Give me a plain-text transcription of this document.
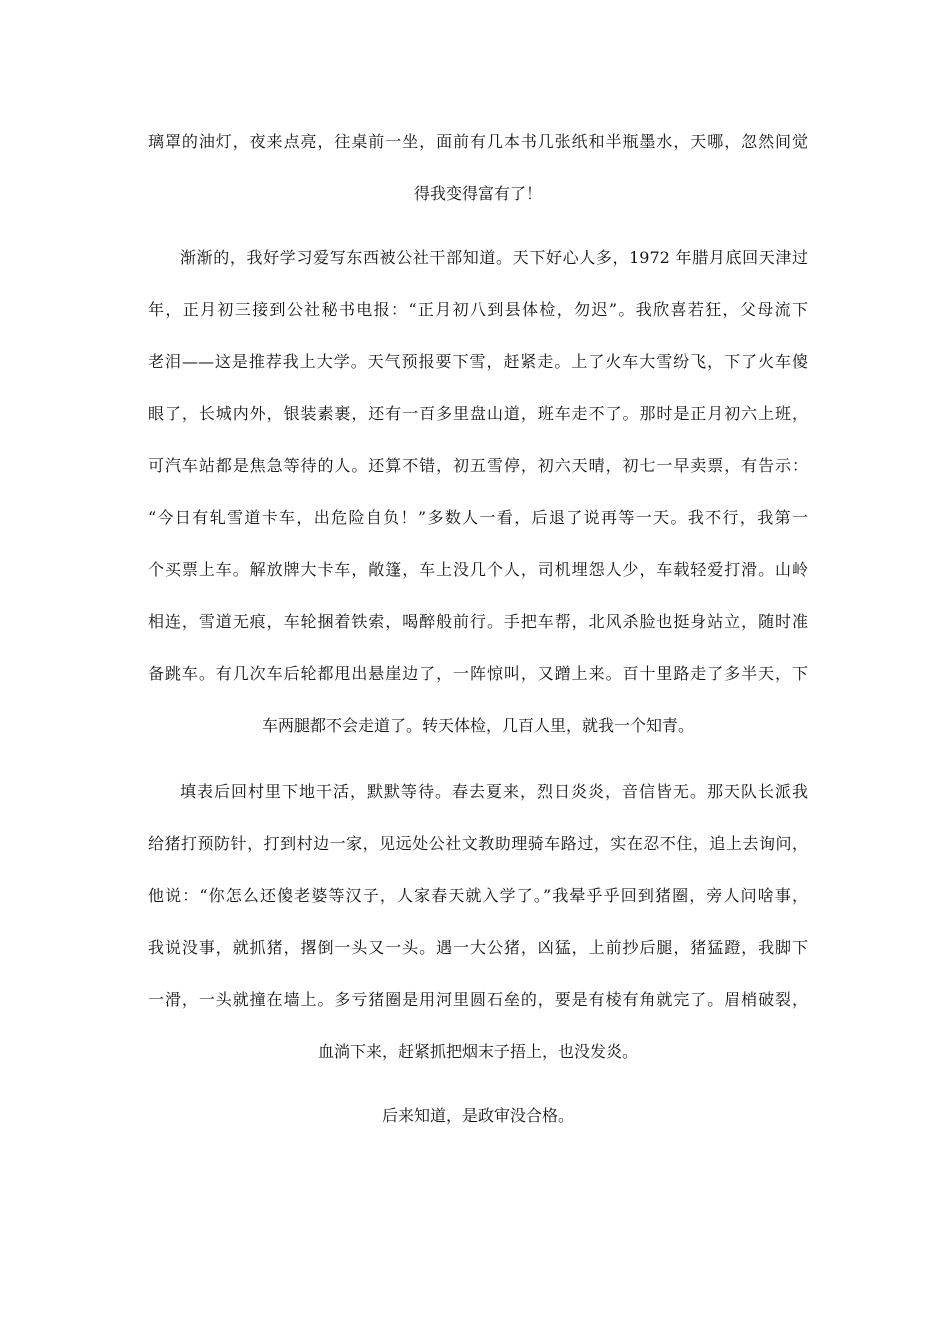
璃罩的油灯，夜来点亮，往桌前一坐，面前有几本书几张纸和半瓶墨水，天哪，忽然间觉
得我变得富有了！
渐渐的，我好学习爱写东西被公社干部知道。天下好心人多，1972 年腊月底回天津过
年，正月初三接到公社秘书电报：“正月初八到县体检，勿迟”。我欣喜若狂，父母流下
老泪——这是推荐我上大学。天气预报要下雪，赶紧走。上了火车大雪纷飞，下了火车傻
眼了，长城内外，银装素裹，还有一百多里盘山道，班车走不了。那时是正月初六上班，
可汽车站都是焦急等待的人。还算不错，初五雪停，初六天晴，初七一早卖票，有告示：
“今日有轧雪道卡车，出危险自负！”多数人一看，后退了说再等一天。我不行，我第一
个买票上车。解放牌大卡车，敞篷，车上没几个人，司机埋怨人少，车载轻爱打滑。山岭
相连，雪道无痕，车轮捆着铁索，喝醉般前行。手把车帮，北风杀脸也挺身站立，随时准
备跳车。有几次车后轮都甩出悬崖边了，一阵惊叫，又蹭上来。百十里路走了多半天，下
车两腿都不会走道了。转天体检，几百人里，就我一个知青。
填表后回村里下地干活，默默等待。春去夏来，烈日炎炎，音信皆无。那天队长派我
给猪打预防针，打到村边一家，见远处公社文教助理骑车路过，实在忍不住，追上去询问，
他说：“你怎么还傻老婆等汉子，人家春天就入学了。”我晕乎乎回到猪圈，旁人问啥事，
我说没事，就抓猪，撂倒一头又一头。遇一大公猪，凶猛，上前抄后腿，猪猛蹬，我脚下
一滑，一头就撞在墙上。多亏猪圈是用河里圆石垒的，要是有棱有角就完了。眉梢破裂，
血淌下来，赶紧抓把烟末子捂上，也没发炎。
后来知道，是政审没合格。
